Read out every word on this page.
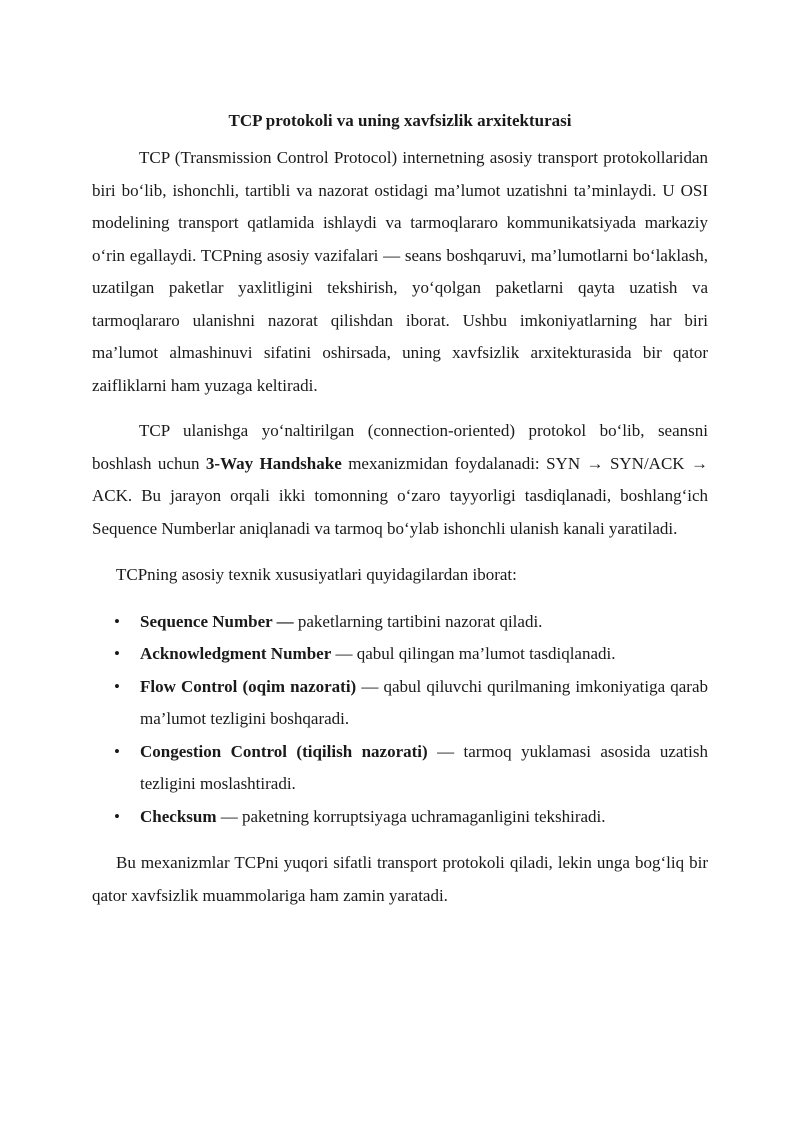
TCP protokoli va uning xavfsizlik arxitekturasi

TCP (Transmission Control Protocol) internetning asosiy transport protokollaridan biri bo‘lib, ishonchli, tartibli va nazorat ostidagi ma’lumot uzatishni ta’minlaydi. U OSI modelining transport qatlamida ishlaydi va tarmoqlararo kommunikatsiyada markaziy o‘rin egallaydi. TCPning asosiy vazifalari — seans boshqaruvi, ma’lumotlarni bo‘laklash, uzatilgan paketlar yaxlitligini tekshirish, yo‘qolgan paketlarni qayta uzatish va tarmoqlararo ulanishni nazorat qilishdan iborat. Ushbu imkoniyatlarning har biri ma’lumot almashinuvi sifatini oshirsada, uning xavfsizlik arxitekturasida bir qator zaifliklarni ham yuzaga keltiradi.

TCP ulanishga yo‘naltirilgan (connection-oriented) protokol bo‘lib, seansni boshlash uchun 3-Way Handshake mexanizmidan foydalanadi: SYN → SYN/ACK → ACK. Bu jarayon orqali ikki tomonning o‘zaro tayyorligi tasdiqlanadi, boshlang‘ich Sequence Numberlar aniqlanadi va tarmoq bo‘ylab ishonchli ulanish kanali yaratiladi.

TCPning asosiy texnik xususiyatlari quyidagilardan iborat:

• Sequence Number — paketlarning tartibini nazorat qiladi.
• Acknowledgment Number — qabul qilingan ma’lumot tasdiqlanadi.
• Flow Control (oqim nazorati) — qabul qiluvchi qurilmaning imkoniyatiga qarab ma’lumot tezligini boshqaradi.
• Congestion Control (tiqilish nazorati) — tarmoq yuklamasi asosida uzatish tezligini moslashtiradi.
• Checksum — paketning korruptsiyaga uchramaganligini tekshiradi.

Bu mexanizmlar TCPni yuqori sifatli transport protokoli qiladi, lekin unga bog‘liq bir qator xavfsizlik muammolariga ham zamin yaratadi.
